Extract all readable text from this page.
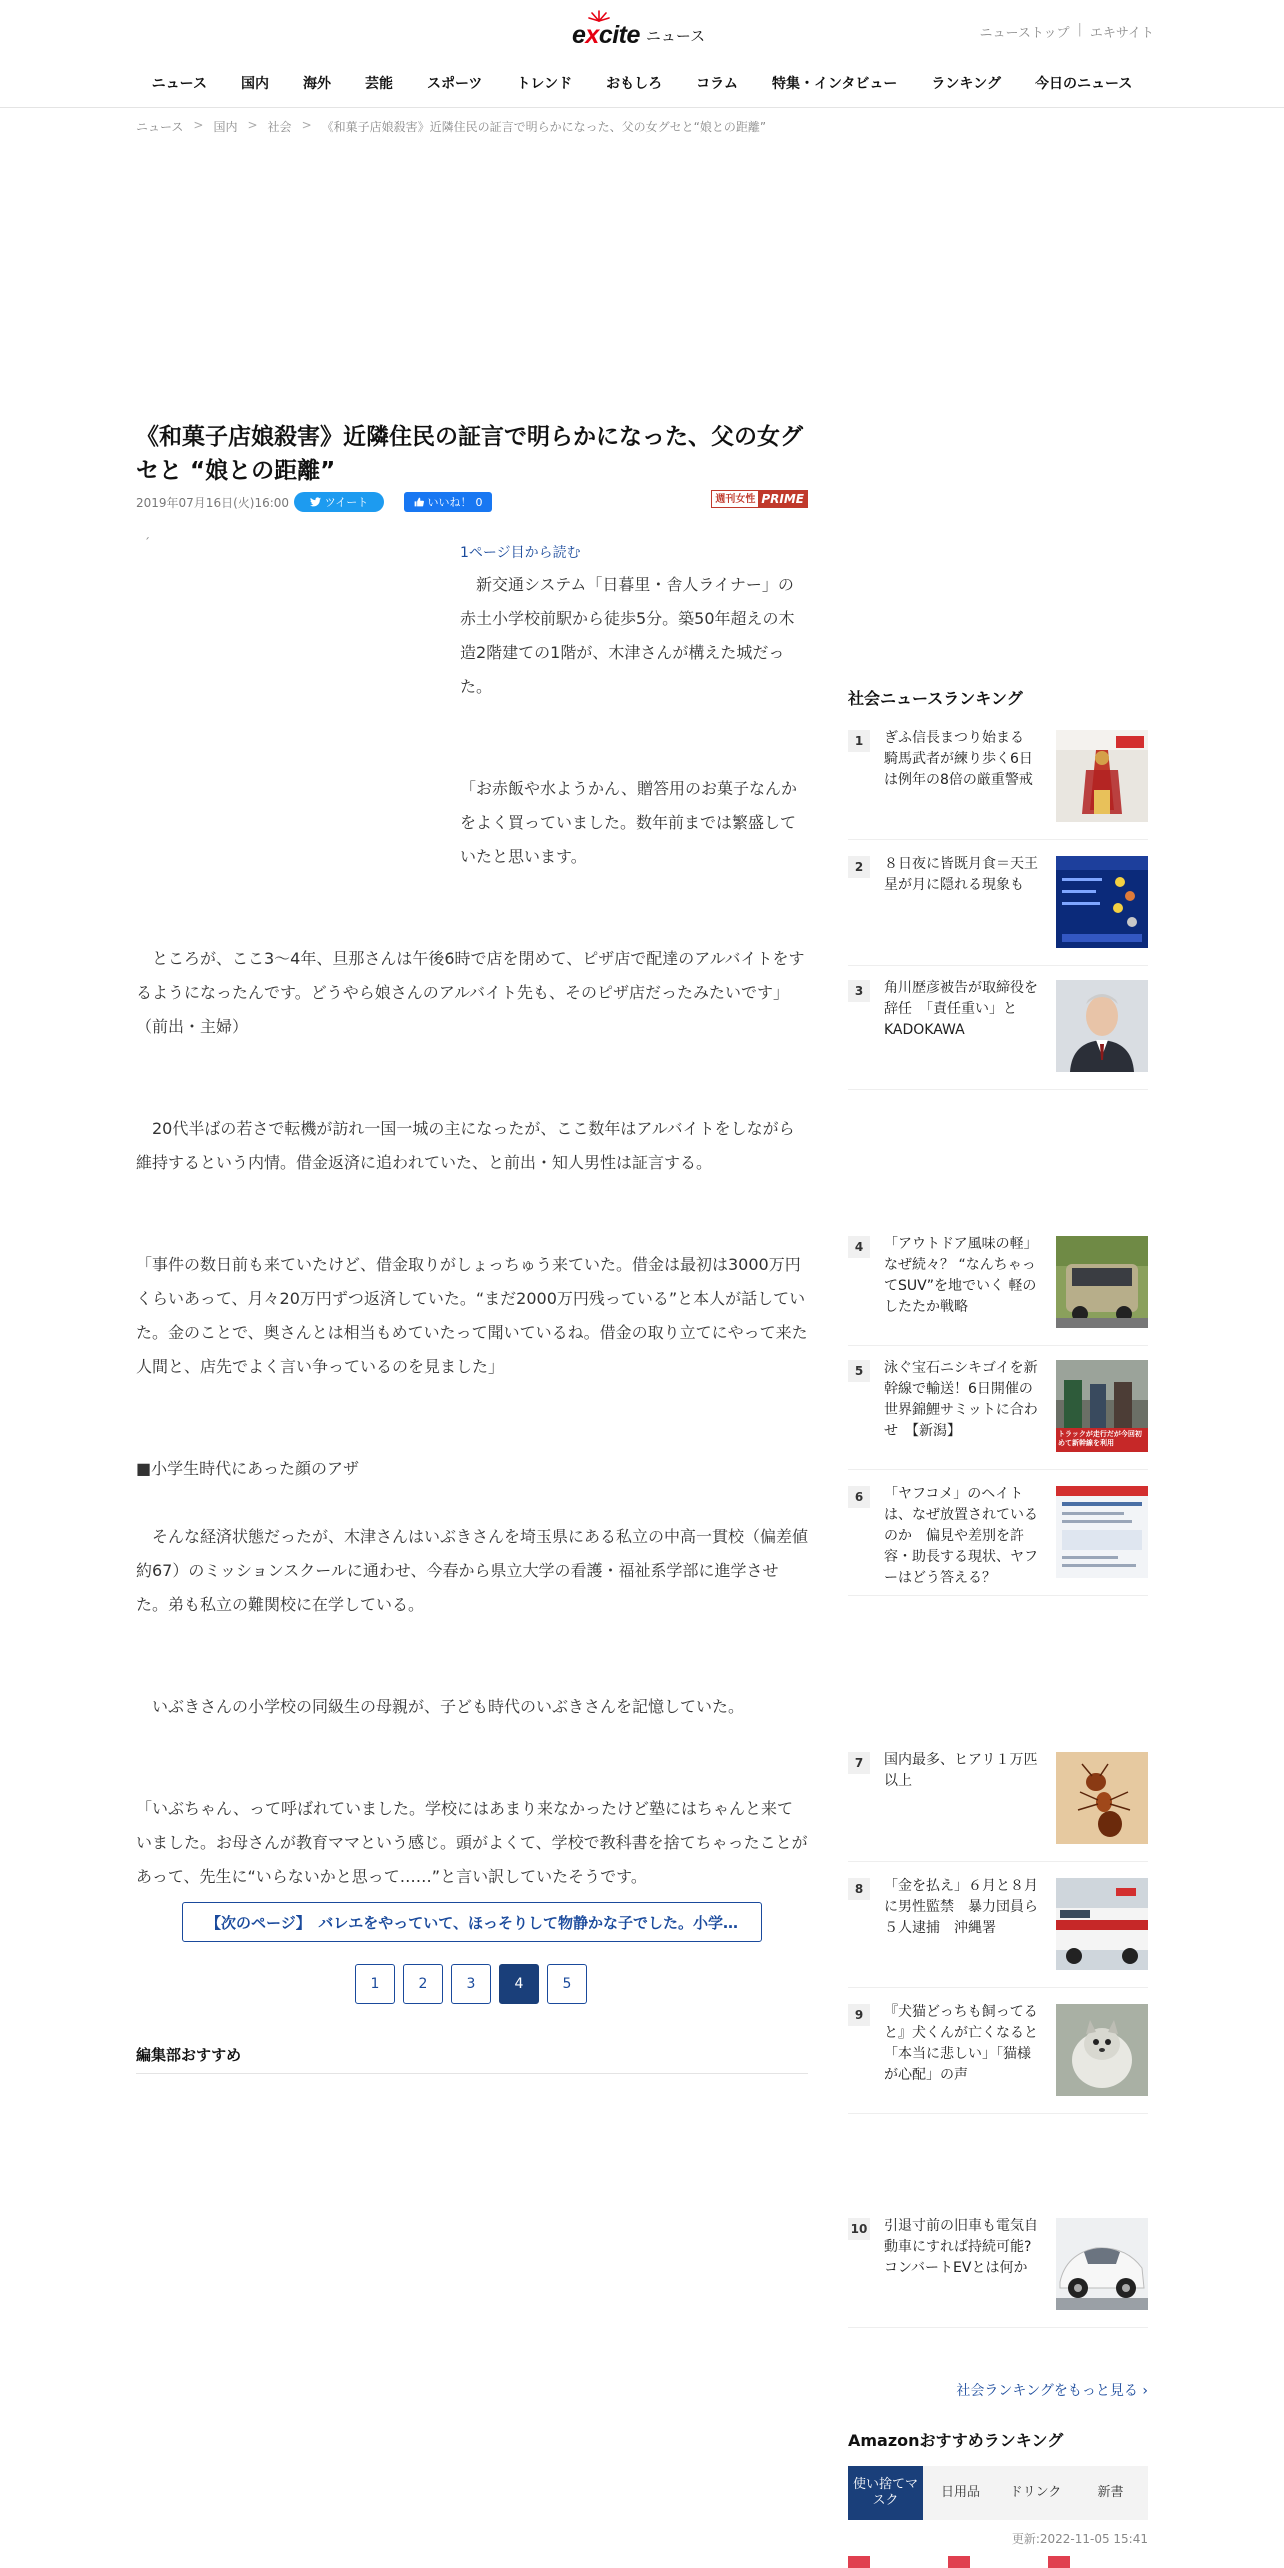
excite ニュース	ニューストップ | エキサイト
ニュース	国内	海外	芸能	スポーツ	トレンド	おもしろ	コラム	特集・インタビュー	ランキング	今日のニュース
ニュース > 国内 > 社会 > 《和菓子店娘殺害》近隣住民の証言で明らかになった、父の女グセと“娘との距離”
《和菓子店娘殺害》近隣住民の証言で明らかになった、父の女グセと “娘との距離”
2019年07月16日(火)16:00	ツイート	いいね！ 0	週刊女性 PRIME
´
1ページ目から読む

　新交通システム「日暮里・舎人ライナー」の赤土小学校前駅から徒歩5分。築50年超えの木造2階建ての1階が、木津さんが構えた城だった。

「お赤飯や水ようかん、贈答用のお菓子なんかをよく買っていました。数年前までは繁盛していたと思います。

　ところが、ここ3～4年、旦那さんは午後6時で店を閉めて、ピザ店で配達のアルバイトをするようになったんです。どうやら娘さんのアルバイト先も、そのピザ店だったみたいです」（前出・主婦）

　20代半ばの若さで転機が訪れ一国一城の主になったが、ここ数年はアルバイトをしながら維持するという内情。借金返済に追われていた、と前出・知人男性は証言する。

「事件の数日前も来ていたけど、借金取りがしょっちゅう来ていた。借金は最初は3000万円くらいあって、月々20万円ずつ返済していた。“まだ2000万円残っている”と本人が話していた。金のことで、奥さんとは相当もめていたって聞いているね。借金の取り立てにやって来た人間と、店先でよく言い争っているのを見ました」

■小学生時代にあった顔のアザ

　そんな経済状態だったが、木津さんはいぶきさんを埼玉県にある私立の中高一貫校（偏差値約67）のミッションスクールに通わせ、今春から県立大学の看護・福祉系学部に進学させた。弟も私立の難関校に在学している。

　いぶきさんの小学校の同級生の母親が、子ども時代のいぶきさんを記憶していた。

「いぶちゃん、って呼ばれていました。学校にはあまり来なかったけど塾にはちゃんと来ていました。お母さんが教育ママという感じ。頭がよくて、学校で教科書を捨てちゃったことがあって、先生に“いらないかと思って……”と言い訳していたそうです。

【次のページ】　バレエをやっていて、ほっそりして物静かな子でした。小学…
1	2	3	4	5
編集部おすすめ
社会ニュースランキング
1	ぎふ信長まつり始まる　騎馬武者が練り歩く6日は例年の8倍の厳重警戒
2	８日夜に皆既月食＝天王星が月に隠れる現象も
3	角川歴彦被告が取締役を辞任　「責任重い」とKADOKAWA
4	「アウトドア風味の軽」なぜ続々？ “なんちゃってSUV”を地でいく 軽のしたたか戦略
5	泳ぐ宝石ニシキゴイを新幹線で輸送！6日開催の世界錦鯉サミットに合わせ　【新潟】	トラックが走行だが今回初めて新幹線を利用
6	「ヤフコメ」のヘイトは、なぜ放置されているのか　偏見や差別を許容・助長する現状、ヤフーはどう答える？
7	国内最多、ヒアリ１万匹以上
8	「金を払え」６月と８月に男性監禁　暴力団員ら５人逮捕　沖縄署
9	『犬猫どっちも飼ってると』犬くんが亡くなると「本当に悲しい」「猫様が心配」の声
10 引退寸前の旧車も電気自動車にすれば持続可能? コンバートEVとは何か
社会ランキングをもっと見る ›
Amazonおすすめランキング
使い捨てマスク
日用品	ドリンク	新書
更新:2022-11-05 15:41
